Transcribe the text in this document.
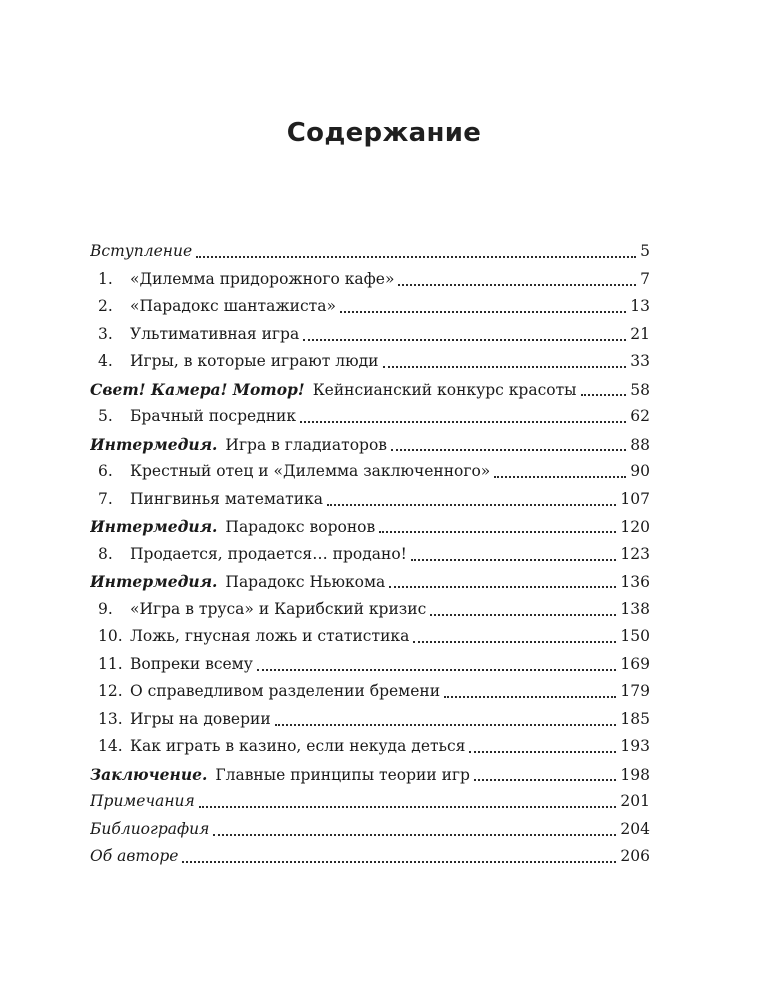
Содержание
Вступление	5
1.	«Дилемма придорожного кафе»	7
2.	«Парадокс шантажиста»	13
3.	Ультимативная игра	21
4.	Игры, в которые играют люди	33
Свет! Камера! Мотор! Кейнсианский конкурс красоты	58
5.	Брачный посредник	62
Интермедия. Игра в гладиаторов	88
6.	Крестный отец и «Дилемма заключенного»	90
7.	Пингвинья математика	107
Интермедия. Парадокс воронов	120
8.	Продается, продается… продано!	123
Интермедия. Парадокс Ньюкома	136
9.	«Игра в труса» и Карибский кризис	138
10. Ложь, гнусная ложь и статистика	150
11. Вопреки всему	169
12. О справедливом разделении бремени	179
13. Игры на доверии	185
14. Как играть в казино, если некуда деться	193
Заключение. Главные принципы теории игр	198
Примечания	201
Библиография	204
Об авторе	206
